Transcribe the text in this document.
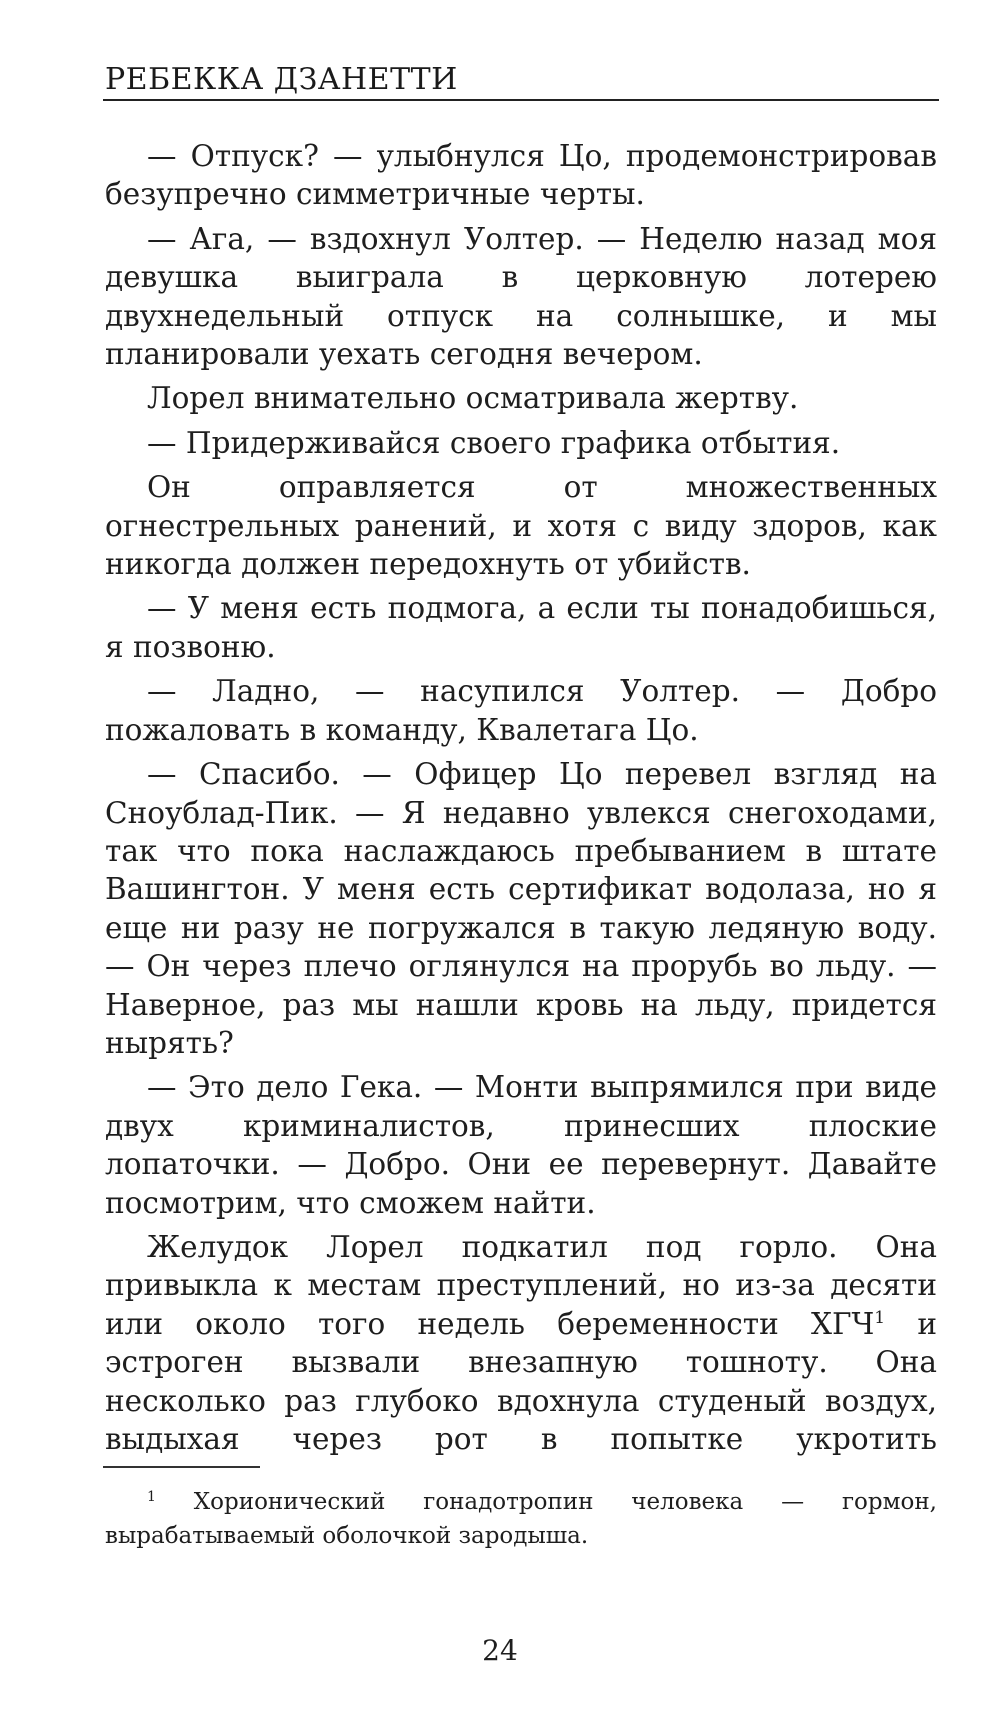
РЕБЕККА ДЗАНЕТТИ

— Отпуск? — улыбнулся Цо, продемонстрировав безупречно симметричные черты.

— Ага, — вздохнул Уолтер. — Неделю назад моя девушка выиграла в церковную лотерею двухнедельный отпуск на солнышке, и мы планировали уехать сегодня вечером.

Лорел внимательно осматривала жертву.

— Придерживайся своего графика отбытия.

Он оправляется от множественных огнестрельных ранений, и хотя с виду здоров, как никогда должен передохнуть от убийств.

— У меня есть подмога, а если ты понадобишься, я позвоню.

— Ладно, — насупился Уолтер. — Добро пожаловать в команду, Квалетага Цо.

— Спасибо. — Офицер Цо перевел взгляд на Сноублад-Пик. — Я недавно увлекся снегоходами, так что пока наслаждаюсь пребыванием в штате Вашингтон. У меня есть сертификат водолаза, но я еще ни разу не погружался в такую ледяную воду. — Он через плечо оглянулся на прорубь во льду. — Наверное, раз мы нашли кровь на льду, придется нырять?

— Это дело Гека. — Монти выпрямился при виде двух криминалистов, принесших плоские лопаточки. — Добро. Они ее перевернут. Давайте посмотрим, что сможем найти.

Желудок Лорел подкатил под горло. Она привыкла к местам преступлений, но из-за десяти или около того недель беременности ХГЧ$^1$ и эстроген вызвали внезапную тошноту. Она несколько раз глубоко вдохнула студеный воздух, выдыхая через рот в попытке укротить

$^1$ Хорионический гонадотропин человека — гормон, вырабатываемый оболочкой зародыша.
24
